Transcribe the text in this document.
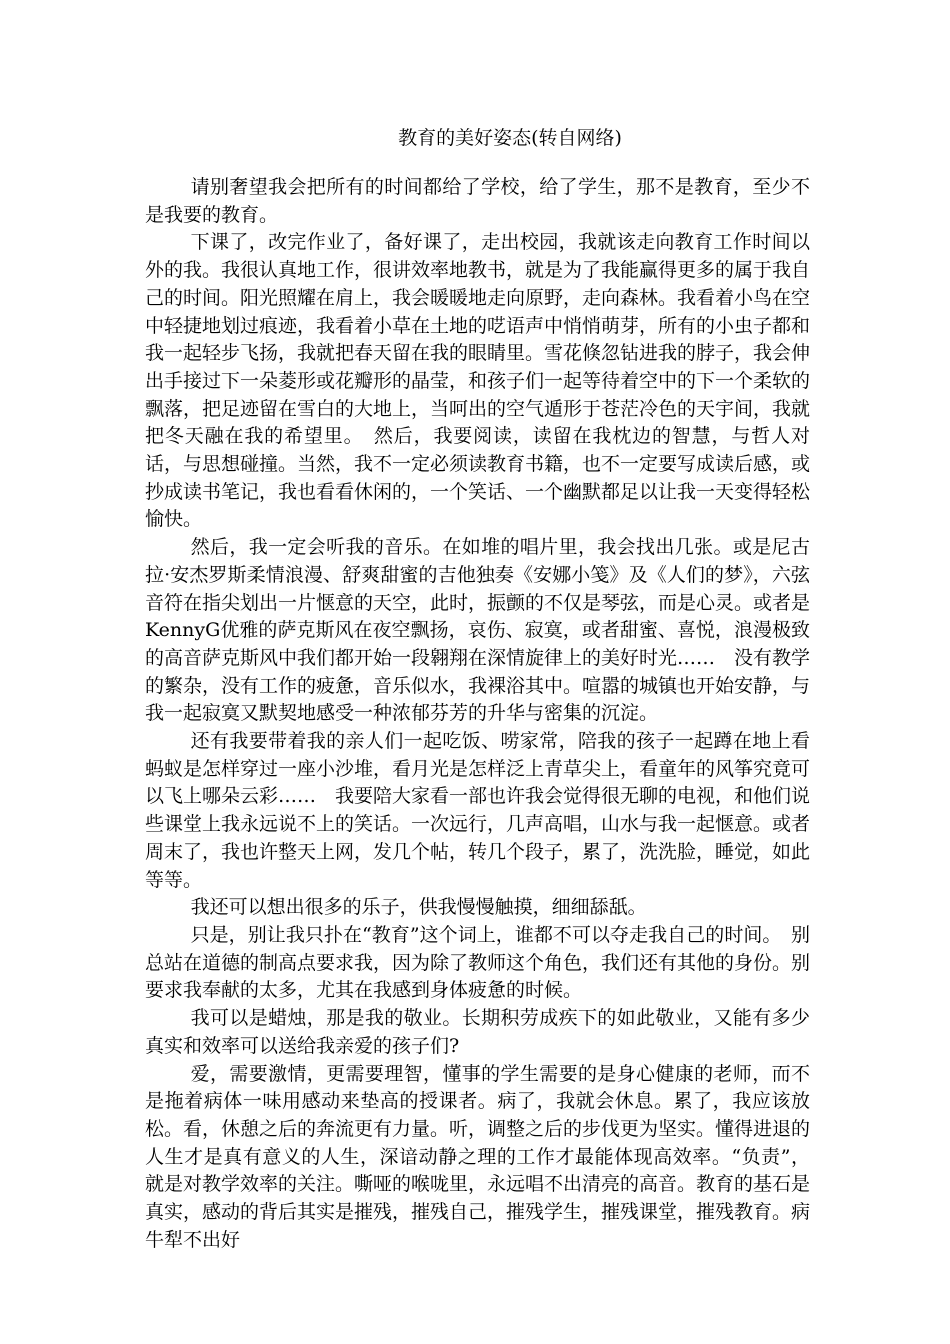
教育的美好姿态(转自网络)

请别奢望我会把所有的时间都给了学校，给了学生，那不是教育，至少不是我要的教育。

下课了，改完作业了，备好课了，走出校园，我就该走向教育工作时间以外的我。我很认真地工作，很讲效率地教书，就是为了我能赢得更多的属于我自己的时间。阳光照耀在肩上，我会暖暖地走向原野，走向森林。我看着小鸟在空中轻捷地划过痕迹，我看着小草在土地的呓语声中悄悄萌芽，所有的小虫子都和我一起轻步飞扬，我就把春天留在我的眼睛里。雪花倏忽钻进我的脖子，我会伸出手接过下一朵菱形或花瓣形的晶莹，和孩子们一起等待着空中的下一个柔软的飘落，把足迹留在雪白的大地上，当呵出的空气遁形于苍茫冷色的天宇间，我就把冬天融在我的希望里。　然后，我要阅读，读留在我枕边的智慧，与哲人对话，与思想碰撞。当然，我不一定必须读教育书籍，也不一定要写成读后感，或抄成读书笔记，我也看看休闲的，一个笑话、一个幽默都足以让我一天变得轻松愉快。

然后，我一定会听我的音乐。在如堆的唱片里，我会找出几张。或是尼古拉·安杰罗斯柔情浪漫、舒爽甜蜜的吉他独奏《安娜小笺》及《人们的梦》，六弦音符在指尖划出一片惬意的天空，此时，振颤的不仅是琴弦，而是心灵。或者是KennyG优雅的萨克斯风在夜空飘扬，哀伤、寂寞，或者甜蜜、喜悦，浪漫极致的高音萨克斯风中我们都开始一段翱翔在深情旋律上的美好时光……　没有教学的繁杂，没有工作的疲惫，音乐似水，我裸浴其中。喧嚣的城镇也开始安静，与我一起寂寞又默契地感受一种浓郁芬芳的升华与密集的沉淀。

还有我要带着我的亲人们一起吃饭、唠家常，陪我的孩子一起蹲在地上看蚂蚁是怎样穿过一座小沙堆，看月光是怎样泛上青草尖上，看童年的风筝究竟可以飞上哪朵云彩……　我要陪大家看一部也许我会觉得很无聊的电视，和他们说些课堂上我永远说不上的笑话。一次远行，几声高唱，山水与我一起惬意。或者周末了，我也许整天上网，发几个帖，转几个段子，累了，洗洗脸，睡觉，如此等等。

我还可以想出很多的乐子，供我慢慢触摸，细细舔舐。

只是，别让我只扑在“教育”这个词上，谁都不可以夺走我自己的时间。　别总站在道德的制高点要求我，因为除了教师这个角色，我们还有其他的身份。别要求我奉献的太多，尤其在我感到身体疲惫的时候。

我可以是蜡烛，那是我的敬业。长期积劳成疾下的如此敬业，又能有多少真实和效率可以送给我亲爱的孩子们?

爱，需要激情，更需要理智，懂事的学生需要的是身心健康的老师，而不是拖着病体一味用感动来垫高的授课者。病了，我就会休息。累了，我应该放松。看，休憩之后的奔流更有力量。听，调整之后的步伐更为坚实。懂得进退的人生才是真有意义的人生，深谙动静之理的工作才最能体现高效率。“负责”，就是对教学效率的关注。嘶哑的喉咙里，永远唱不出清亮的高音。教育的基石是真实，感动的背后其实是摧残，摧残自己，摧残学生，摧残课堂，摧残教育。病牛犁不出好
